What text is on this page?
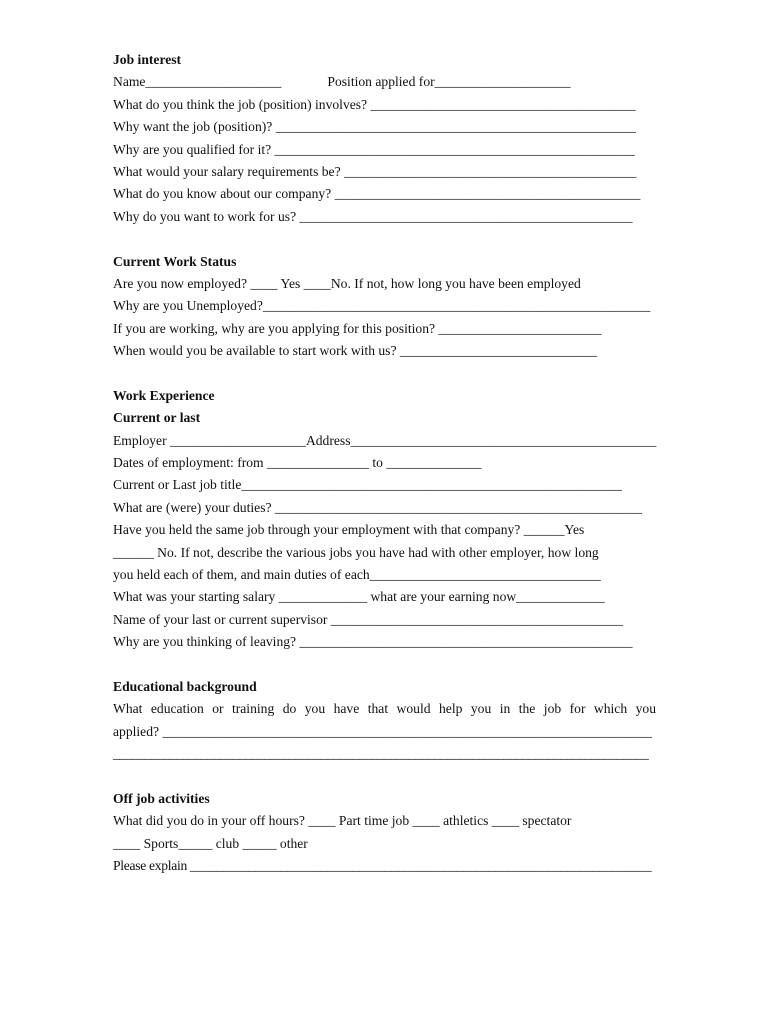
Job interest
Name____________________	Position applied for____________________
What do you think the job (position) involves? _______________________________________
Why want the job (position)? _____________________________________________________
Why are you qualified for it? _____________________________________________________
What would your salary requirements be? ___________________________________________
What do you know about our company? _____________________________________________
Why do you want to work for us? _________________________________________________
Current Work Status
Are you now employed? ____ Yes ____No. If not, how long you have been employed
Why are you Unemployed?_________________________________________________________
If you are working, why are you applying for this position? ________________________
When would you be available to start work with us? _____________________________
Work Experience
Current or last
Employer ____________________Address_____________________________________________
Dates of employment: from _______________ to ______________
Current or Last job title________________________________________________________
What are (were) your duties? ______________________________________________________
Have you held the same job through your employment with that company? ______Yes
______ No. If not, describe the various jobs you have had with other employer, how long
you held each of them, and main duties of each__________________________________
What was your starting salary _____________ what are your earning now_____________
Name of your last or current supervisor ___________________________________________
Why are you thinking of leaving? _________________________________________________
Educational background
What education or training do you have that would help you in the job for which you
applied? ________________________________________________________________________
_____________________________________________________________________________________
Off job activities
What did you do in your off hours? ____ Part time job ____ athletics ____ spectator
____ Sports_____ club _____ other
Please explain _______________________________________________________________________
